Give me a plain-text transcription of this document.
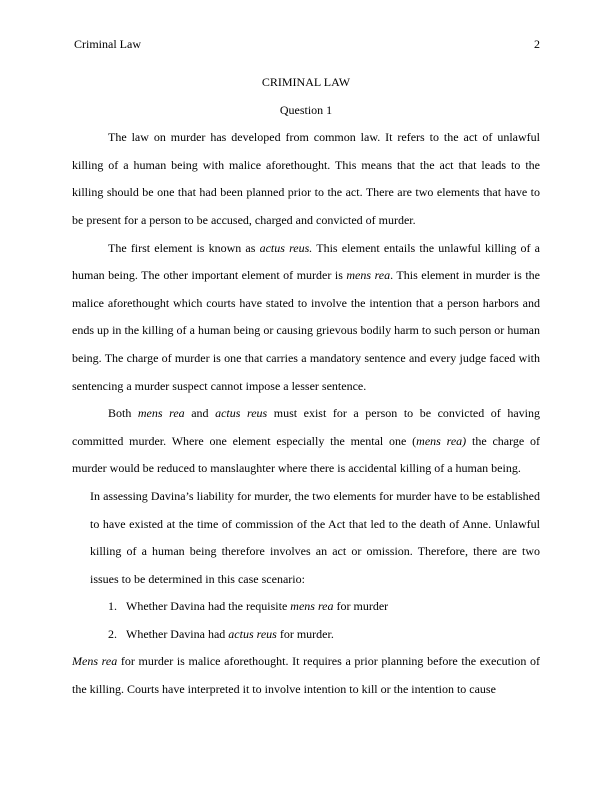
Criminal Law	2

CRIMINAL LAW

Question 1

The law on murder has developed from common law. It refers to the act of unlawful killing of a human being with malice aforethought. This means that the act that leads to the killing should be one that had been planned prior to the act. There are two elements that have to be present for a person to be accused, charged and convicted of murder.

The first element is known as actus reus. This element entails the unlawful killing of a human being. The other important element of murder is mens rea. This element in murder is the malice aforethought which courts have stated to involve the intention that a person harbors and ends up in the killing of a human being or causing grievous bodily harm to such person or human being. The charge of murder is one that carries a mandatory sentence and every judge faced with sentencing a murder suspect cannot impose a lesser sentence.

Both mens rea and actus reus must exist for a person to be convicted of having committed murder. Where one element especially the mental one (mens rea) the charge of murder would be reduced to manslaughter where there is accidental killing of a human being.

In assessing Davina’s liability for murder, the two elements for murder have to be established to have existed at the time of commission of the Act that led to the death of Anne. Unlawful killing of a human being therefore involves an act or omission. Therefore, there are two issues to be determined in this case scenario:

1. Whether Davina had the requisite mens rea for murder
2. Whether Davina had actus reus for murder.

Mens rea for murder is malice aforethought. It requires a prior planning before the execution of the killing. Courts have interpreted it to involve intention to kill or the intention to cause
